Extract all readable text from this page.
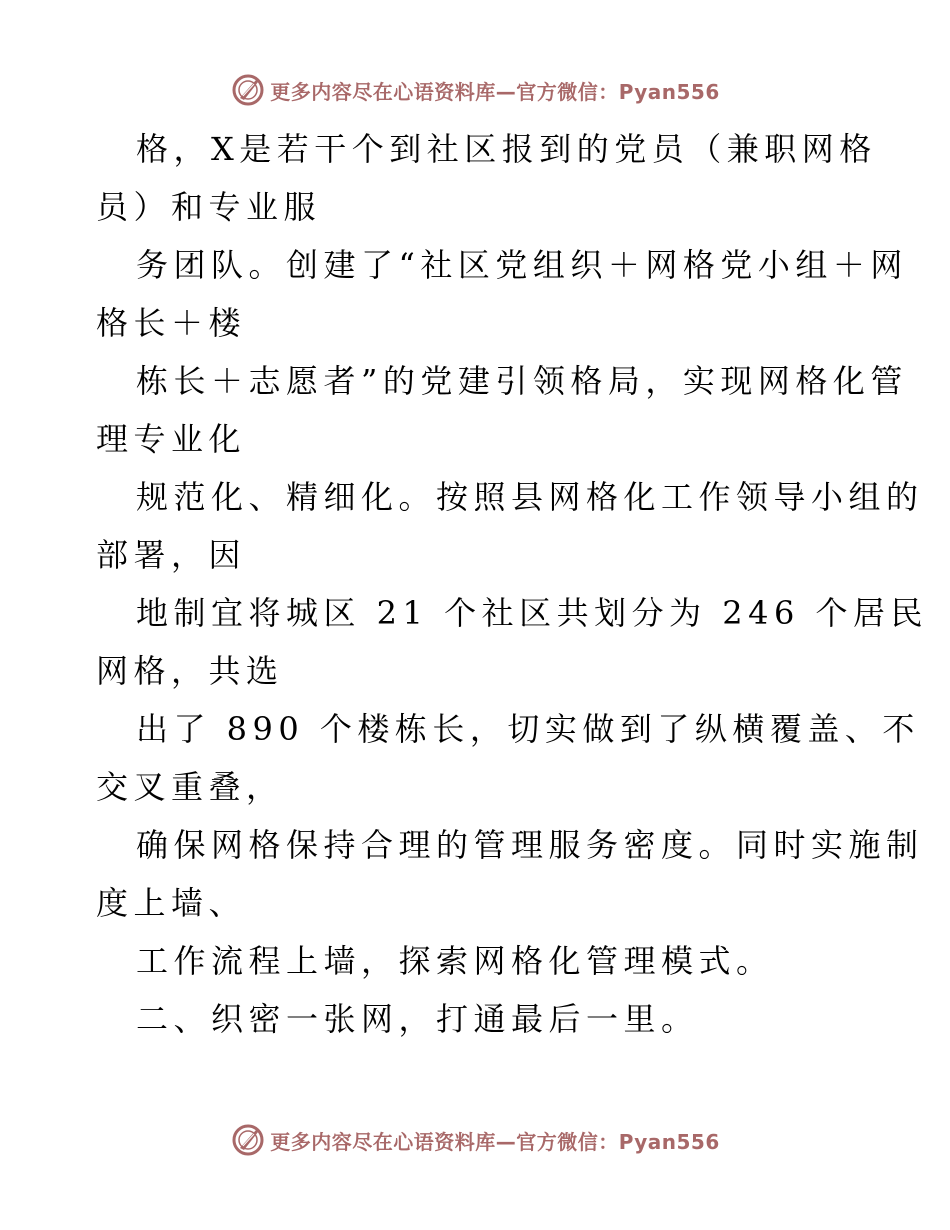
更多内容尽在心语资料库—官方微信：Pyan556
格，X是若干个到社区报到的党员（兼职网格
员）和专业服
务团队。创建了“社区党组织＋网格党小组＋网
格长＋楼
栋长＋志愿者”的党建引领格局，实现网格化管
理专业化
规范化、精细化。按照县网格化工作领导小组的
部署，因
地制宜将城区 21 个社区共划分为 246 个居民
网格，共选
出了 890 个楼栋长，切实做到了纵横覆盖、不
交叉重叠，
确保网格保持合理的管理服务密度。同时实施制
度上墙、
工作流程上墙，探索网格化管理模式。
二、织密一张网，打通最后一里。
更多内容尽在心语资料库—官方微信：Pyan556
